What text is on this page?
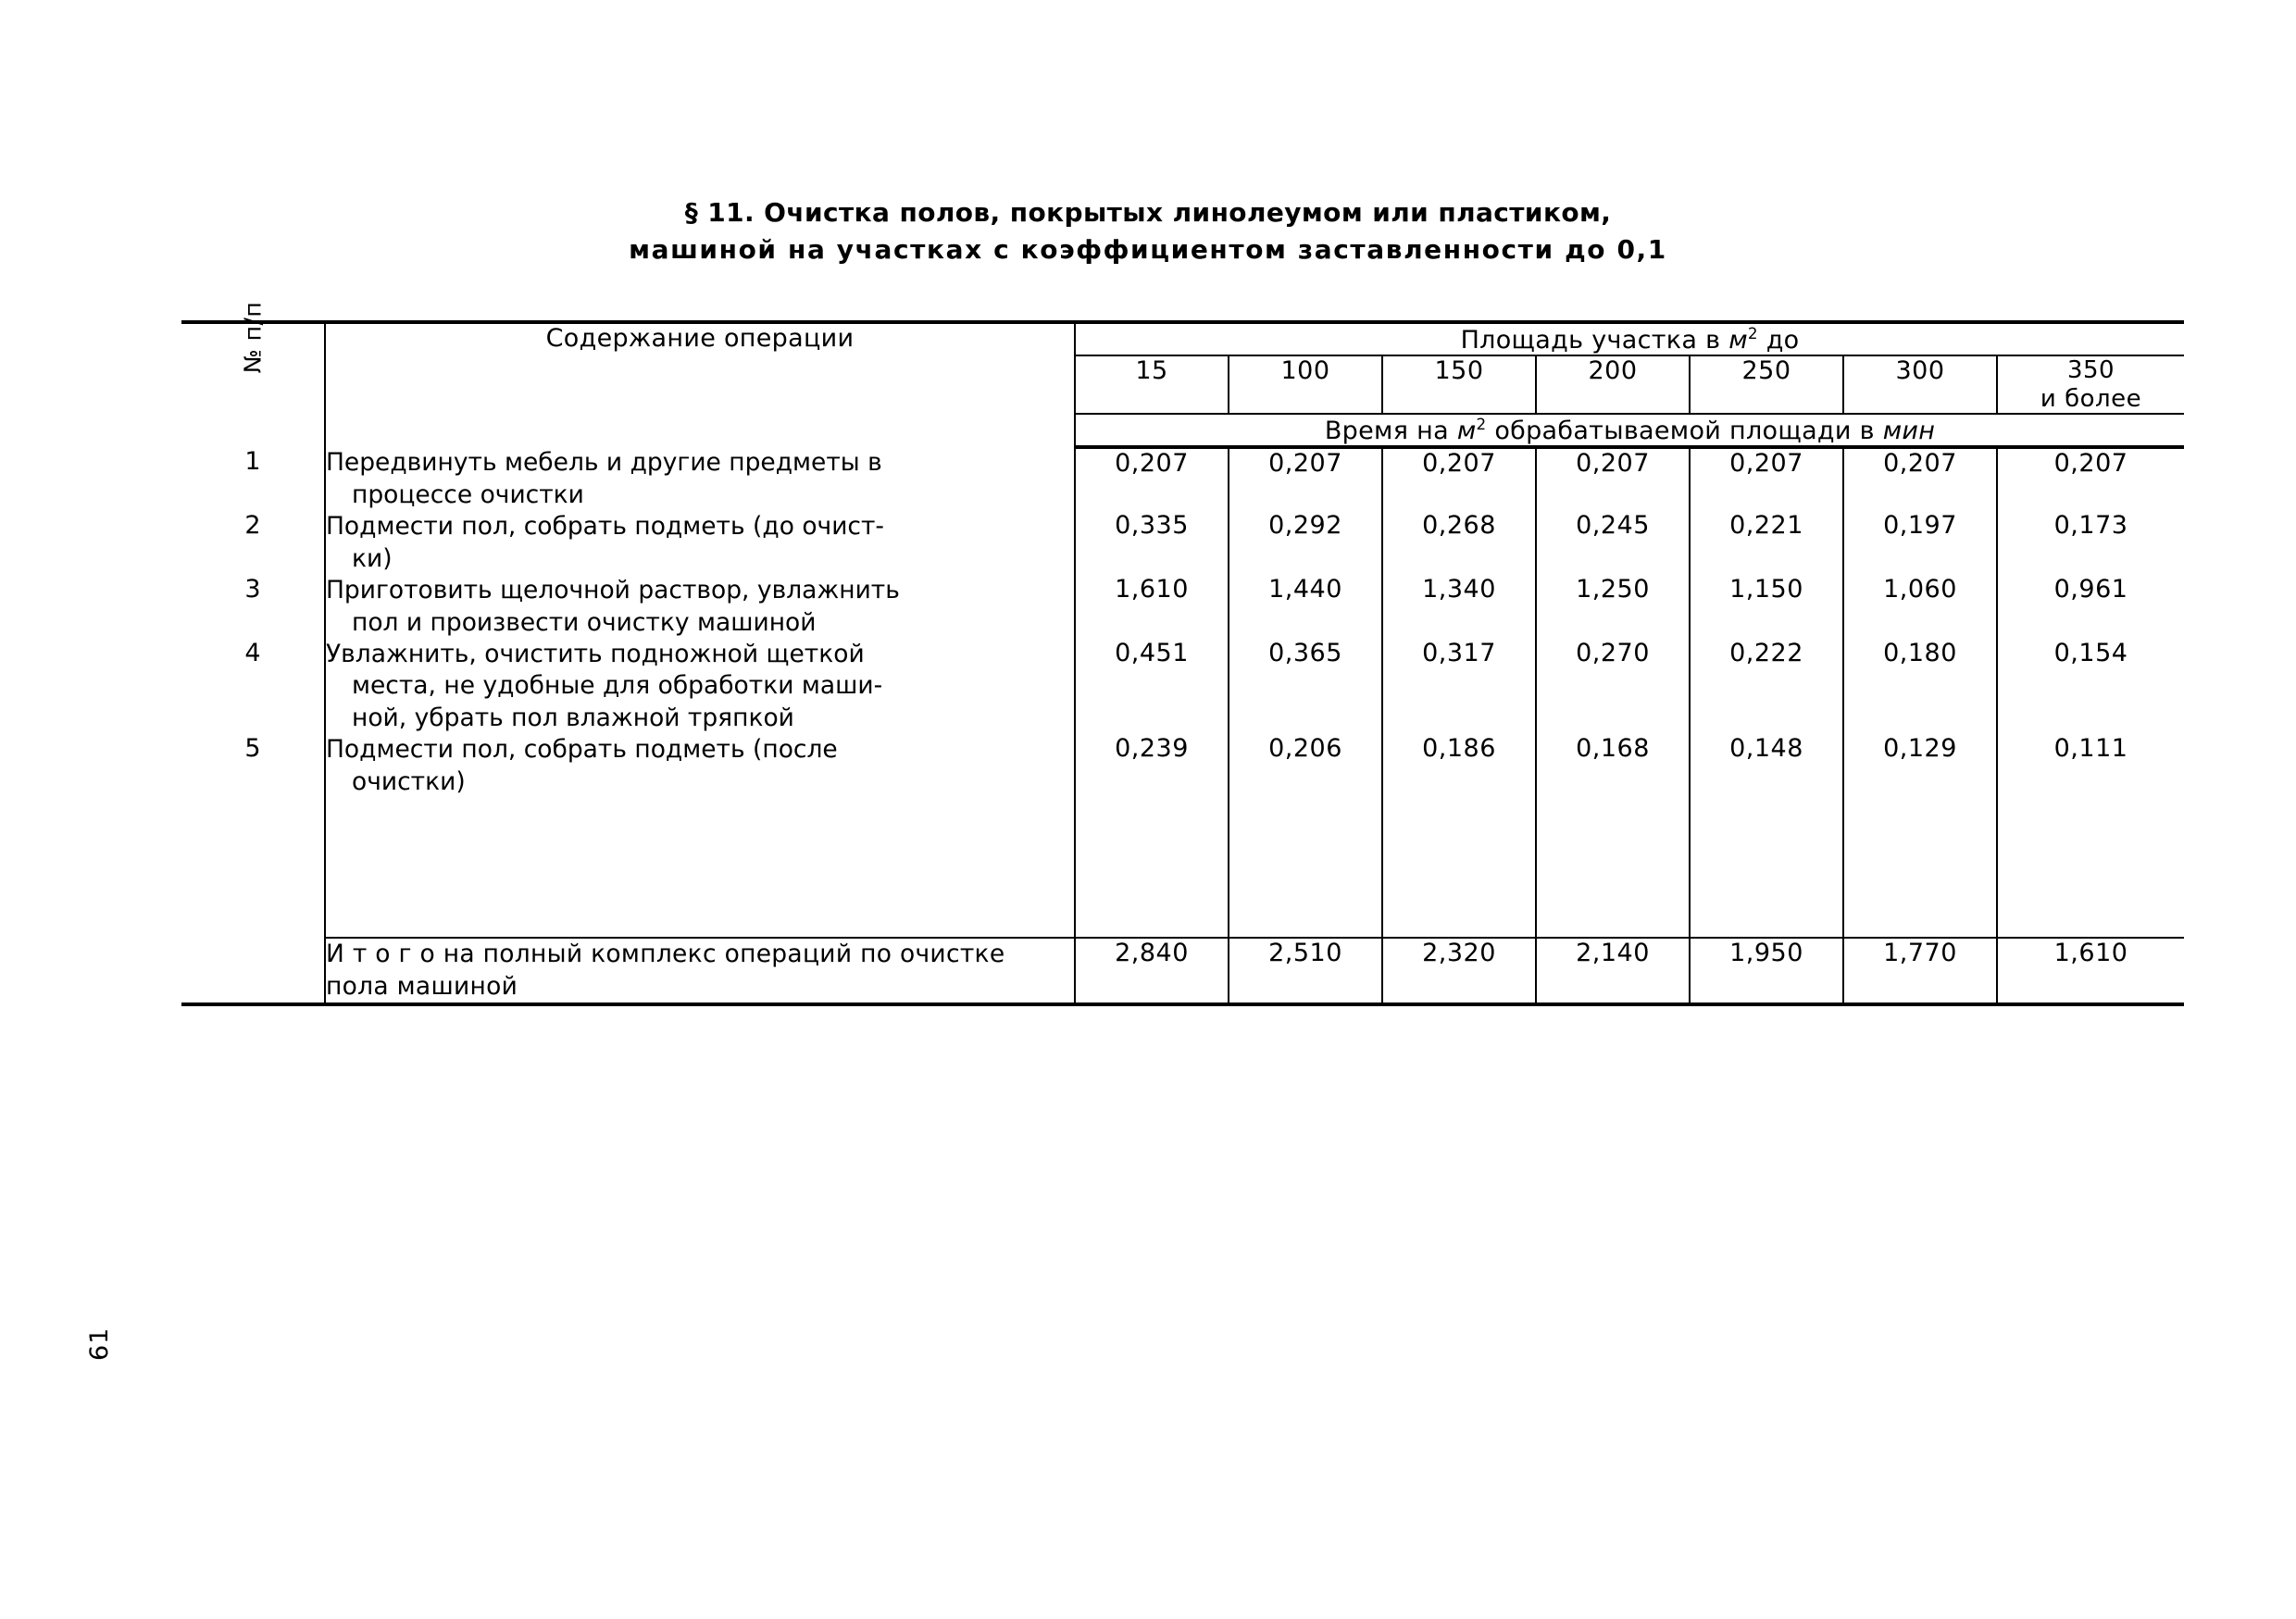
§ 11. Очистка полов, покрытых линолеумом или пластиком,
машиной на участках с коэффициентом заставленности до 0,1
61
№ п/п	Содержание операции	Площадь участка в $м^2$ до						
		15	100	150	200	250	300	350
и более

		Время на $м^2$ обрабатываемой площади в мин						
1	Передвинуть мебель и другие предметы в
процессе очистки	0,207	0,207	0,207	0,207	0,207	0,207	0,207
2	Подмести пол, собрать подметь (до очист-
ки)	0,335	0,292	0,268	0,245	0,221	0,197	0,173
3	Приготовить щелочной раствор, увлажнить
пол и произвести очистку машиной	1,610	1,440	1,340	1,250	1,150	1,060	0,961
4	Увлажнить, очистить подножной щеткой
места, не удобные для обработки маши-
ной, убрать пол влажной тряпкой	0,451	0,365	0,317	0,270	0,222	0,180	0,154
5	Подмести пол, собрать подметь (после
очистки)	0,239	0,206	0,186	0,168	0,148	0,129	0,111

	И т о г о на полный комплекс операций по очистке пола машиной	2,840	2,510	2,320	2,140	1,950	1,770	1,610
